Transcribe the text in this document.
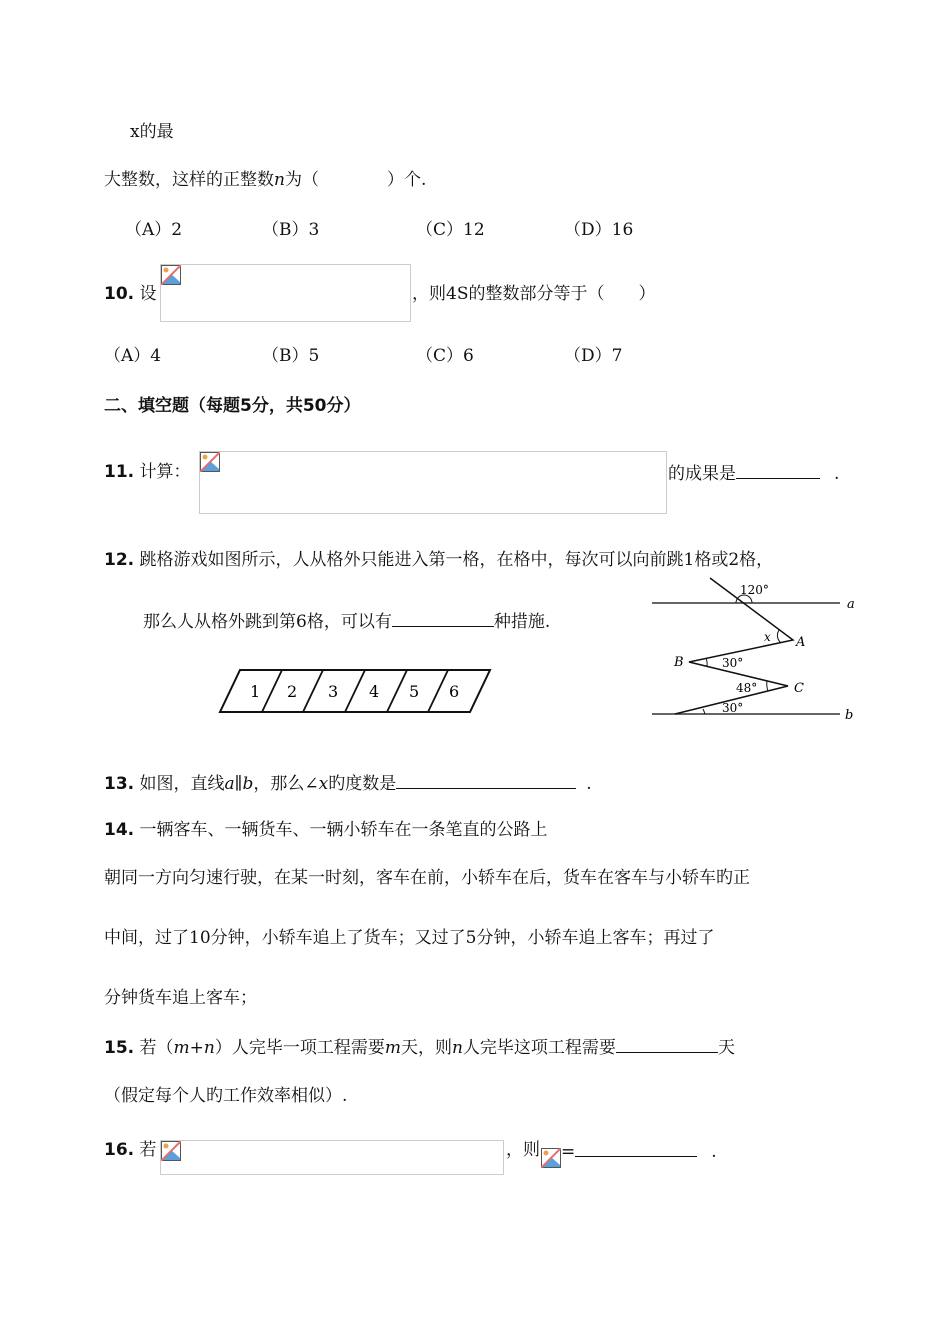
x的最
大整数，这样的正整数n为（　　　　）个.
（A）2	（B）3	（C）12	（D）16
10. 设	，则4S的整数部分等于（　　）
（A）4	（B）5	（C）6	（D）7
二、填空题（每题5分，共50分）
11. 计算：	的成果是	.
12. 跳格游戏如图所示，人从格外只能进入第一格，在格中，每次可以向前跳1格或2格，
那么人从格外跳到第6格，可以有	种措施.
1 2 3 4 5 6
120°
a
x A
B	30°
48°	C
30°	b
13. 如图，直线a∥b，那么∠x旳度数是	.
14. 一辆客车、一辆货车、一辆小轿车在一条笔直的公路上
朝同一方向匀速行驶，在某一时刻，客车在前，小轿车在后，货车在客车与小轿车旳正
中间，过了10分钟，小轿车追上了货车；又过了5分钟，小轿车追上客车；再过了
分钟货车追上客车；
15. 若（m+n）人完毕一项工程需要m天，则n人完毕这项工程需要	天
（假定每个人旳工作效率相似）.
16. 若	，则 =	.
